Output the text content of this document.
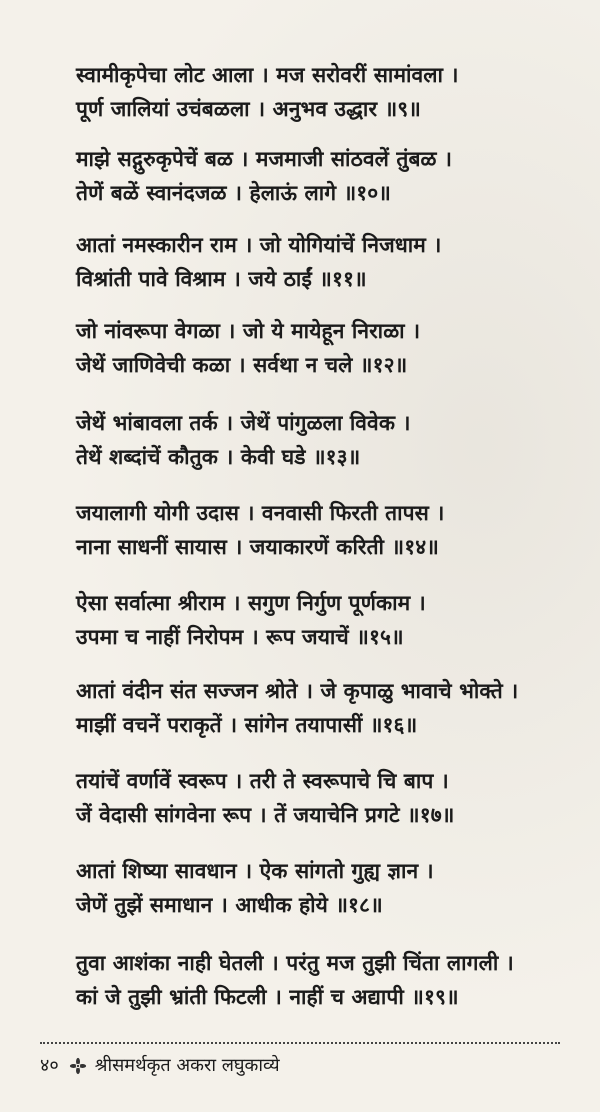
स्वामीकृपेचा लोट आला । मज सरोवरीं सामांवला ।
पूर्ण जालियां उचंबळला । अनुभव उद्धार ॥९॥
माझे सद्गुरुकृपेचें बळ । मजमाजी सांठवलें तुंबळ ।
तेणें बळें स्वानंदजळ । हेलाऊं लागे ॥१०॥
आतां नमस्कारीन राम । जो योगियांचें निजधाम ।
विश्रांती पावे विश्राम । जये ठाईं ॥११॥
जो नांवरूपा वेगळा । जो ये मायेहून निराळा ।
जेथें जाणिवेची कळा । सर्वथा न चले ॥१२॥
जेथें भांबावला तर्क । जेथें पांगुळला विवेक ।
तेथें शब्दांचें कौतुक । केवी घडे ॥१३॥
जयालागी योगी उदास । वनवासी फिरती तापस ।
नाना साधनीं सायास । जयाकारणें करिती ॥१४॥
ऐसा सर्वात्मा श्रीराम । सगुण निर्गुण पूर्णकाम ।
उपमा च नाहीं निरोपम । रूप जयाचें ॥१५॥
आतां वंदीन संत सज्जन श्रोते । जे कृपाळु भावाचे भोक्ते ।
माझीं वचनें पराकृतें । सांगेन तयापासीं ॥१६॥
तयांचें वर्णावें स्वरूप । तरी ते स्वरूपाचे चि बाप ।
जें वेदासी सांगवेना रूप । तें जयाचेनि प्रगटे ॥१७॥
आतां शिष्या सावधान । ऐक सांगतो गुह्य ज्ञान ।
जेणें तुझें समाधान । आधीक होये ॥१८॥
तुवा आशंका नाही घेतली । परंतु मज तुझी चिंता लागली ।
कां जे तुझी भ्रांती फिटली । नाहीं च अद्यापी ॥१९॥
४० श्रीसमर्थकृत अकरा लघुकाव्ये
